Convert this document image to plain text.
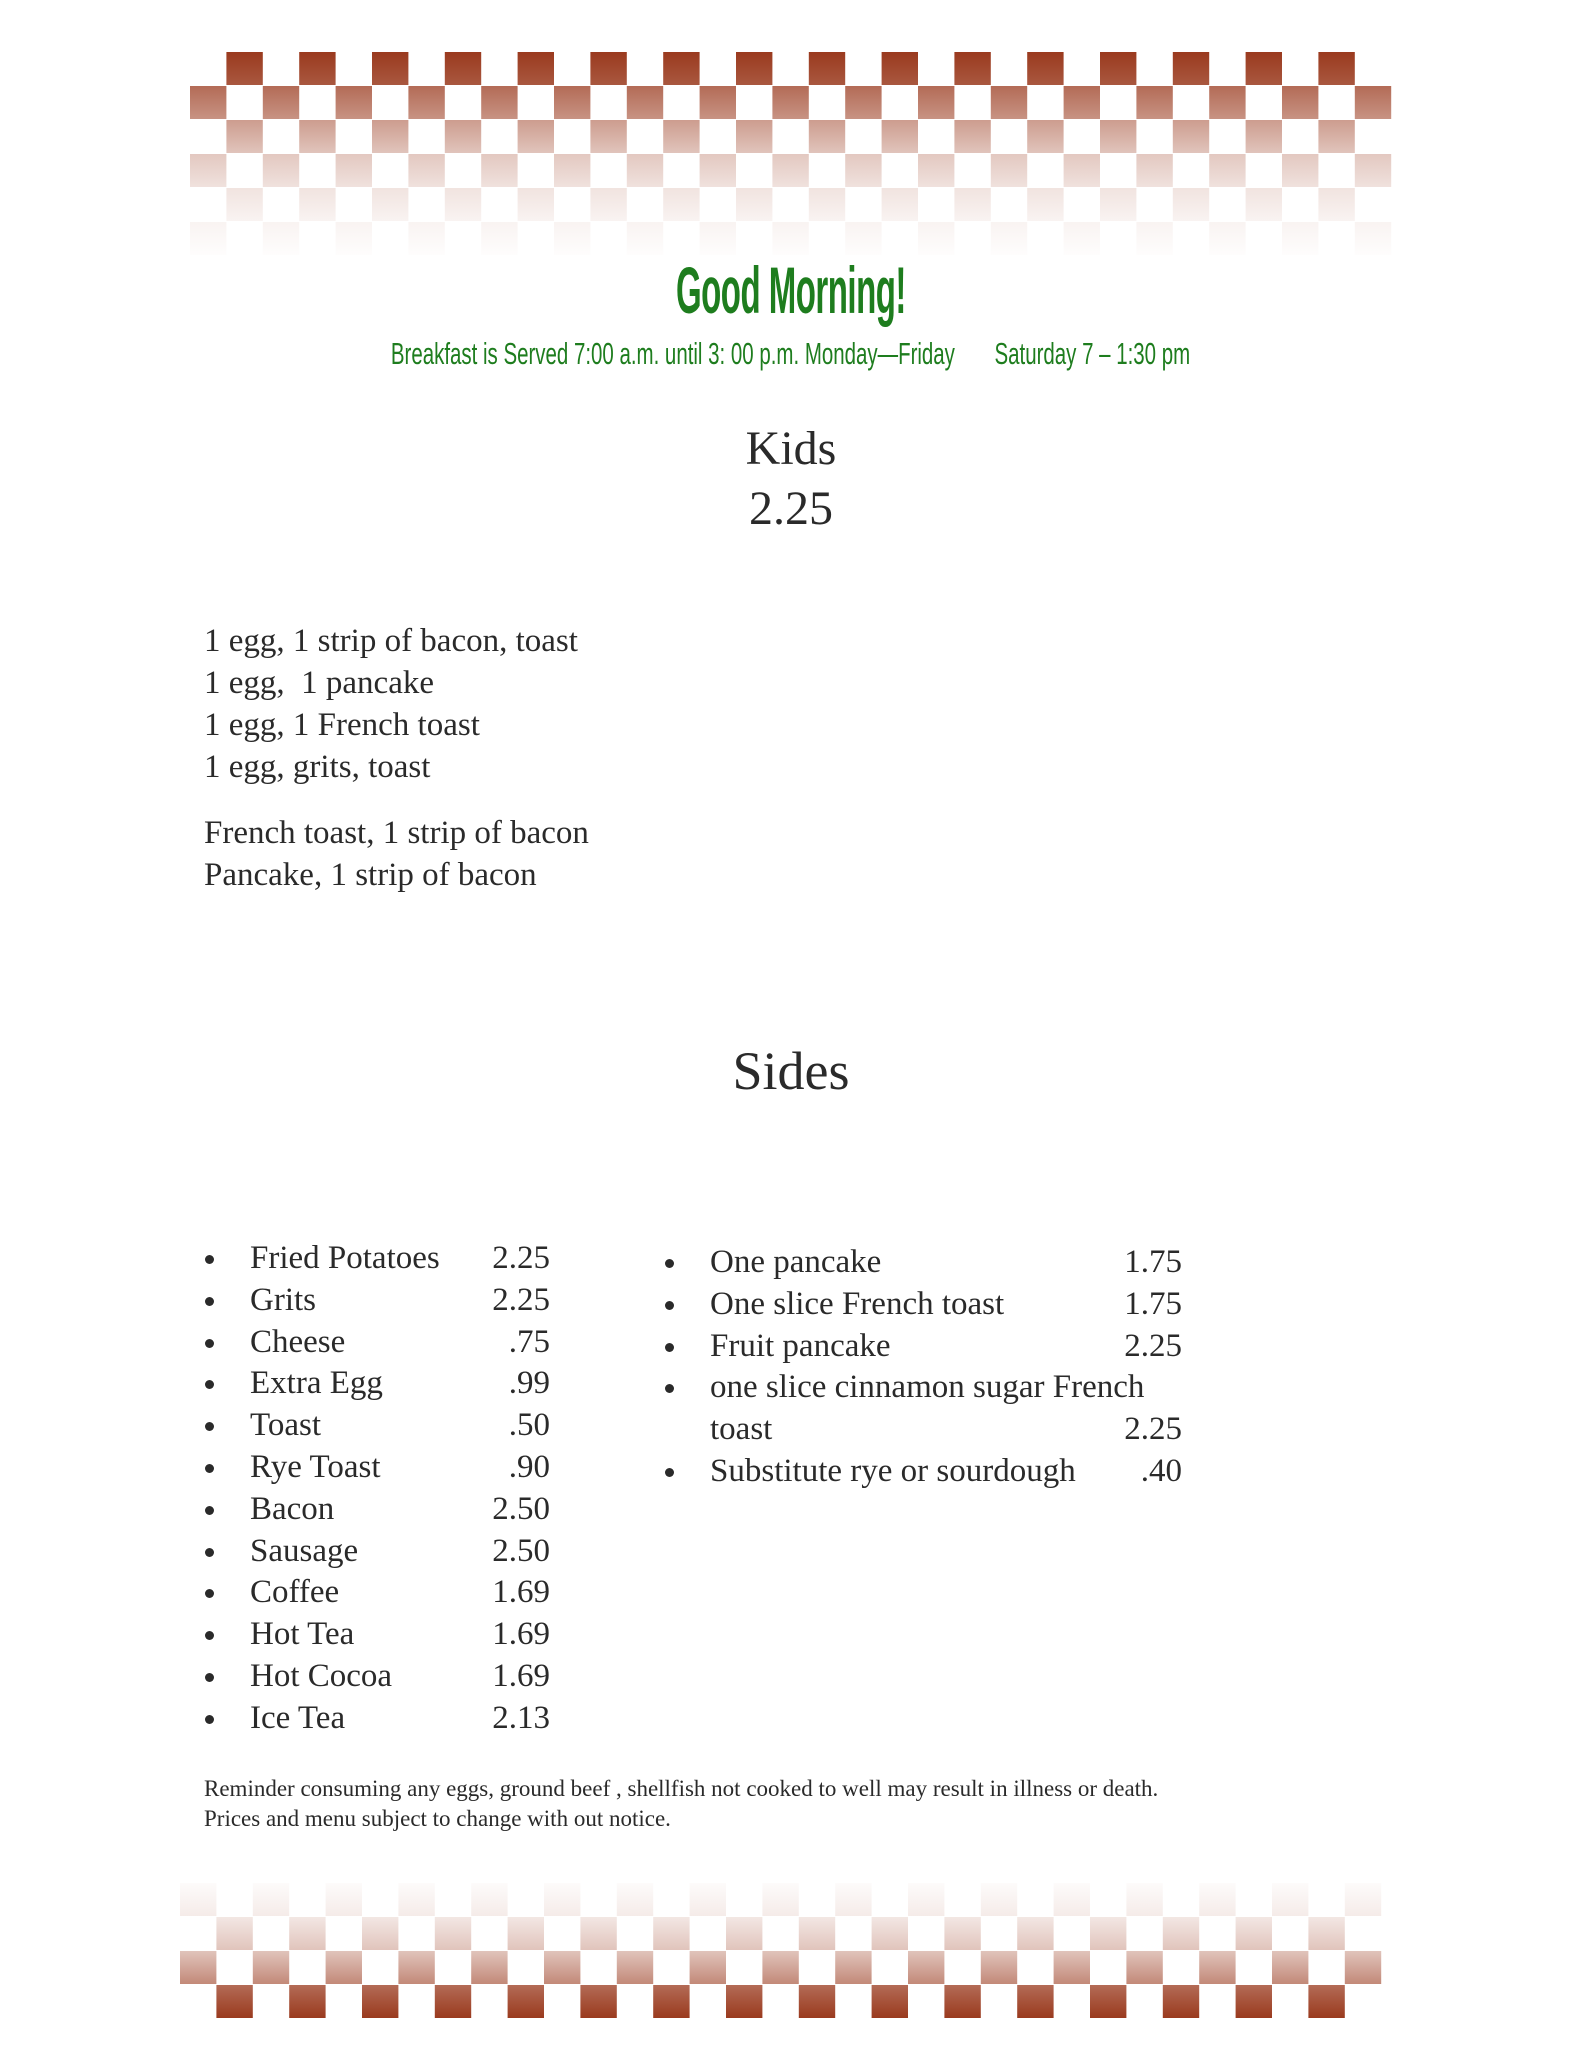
Good Morning!
Breakfast is Served 7:00 a.m. until 3: 00 p.m. Monday—Friday Saturday 7 – 1:30 pm
Kids
2.25
1 egg, 1 strip of bacon, toast
1 egg,  1 pancake
1 egg, 1 French toast
1 egg, grits, toast
French toast, 1 strip of bacon
Pancake, 1 strip of bacon
Sides
Fried Potatoes	2.25
Grits	2.25
Cheese	.75
Extra Egg	.99
Toast	.50
Rye Toast	.90
Bacon	2.50
Sausage	2.50
Coffee	1.69
Hot Tea	1.69
Hot Cocoa	1.69
Ice Tea	2.13
One pancake	1.75
One slice French toast	1.75
Fruit pancake	2.25
one slice cinnamon sugar French
toast	2.25
Substitute rye or sourdough	.40
Reminder consuming any eggs, ground beef , shellfish not cooked to well may result in illness or death.
Prices and menu subject to change with out notice.
